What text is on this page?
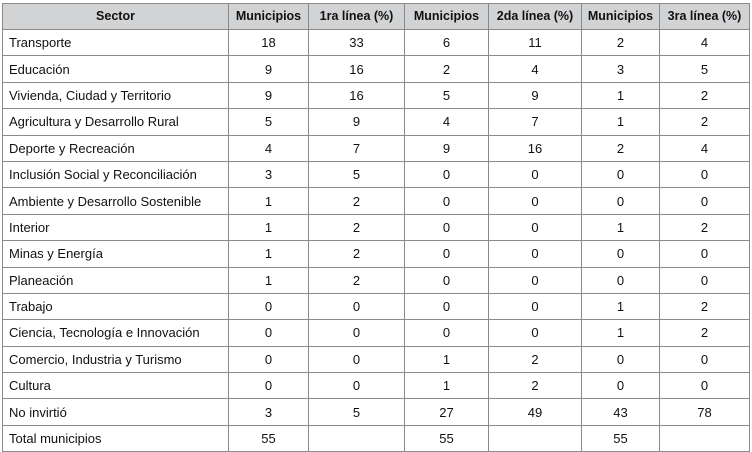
Sector	Municipios	1ra línea (%)	Municipios	2da línea (%)	Municipios	3ra línea (%)
Transporte	18	33	6	11	2	4
Educación	9	16	2	4	3	5
Vivienda, Ciudad y Territorio	9	16	5	9	1	2
Agricultura y Desarrollo Rural	5	9	4	7	1	2
Deporte y Recreación	4	7	9	16	2	4
Inclusión Social y Reconciliación	3	5	0	0	0	0
Ambiente y Desarrollo Sostenible	1	2	0	0	0	0
Interior	1	2	0	0	1	2
Minas y Energía	1	2	0	0	0	0
Planeación	1	2	0	0	0	0
Trabajo	0	0	0	0	1	2
Ciencia, Tecnología e Innovación	0	0	0	0	1	2
Comercio, Industria y Turismo	0	0	1	2	0	0
Cultura	0	0	1	2	0	0
No invirtió	3	5	27	49	43	78
Total municipios	55		55		55	
